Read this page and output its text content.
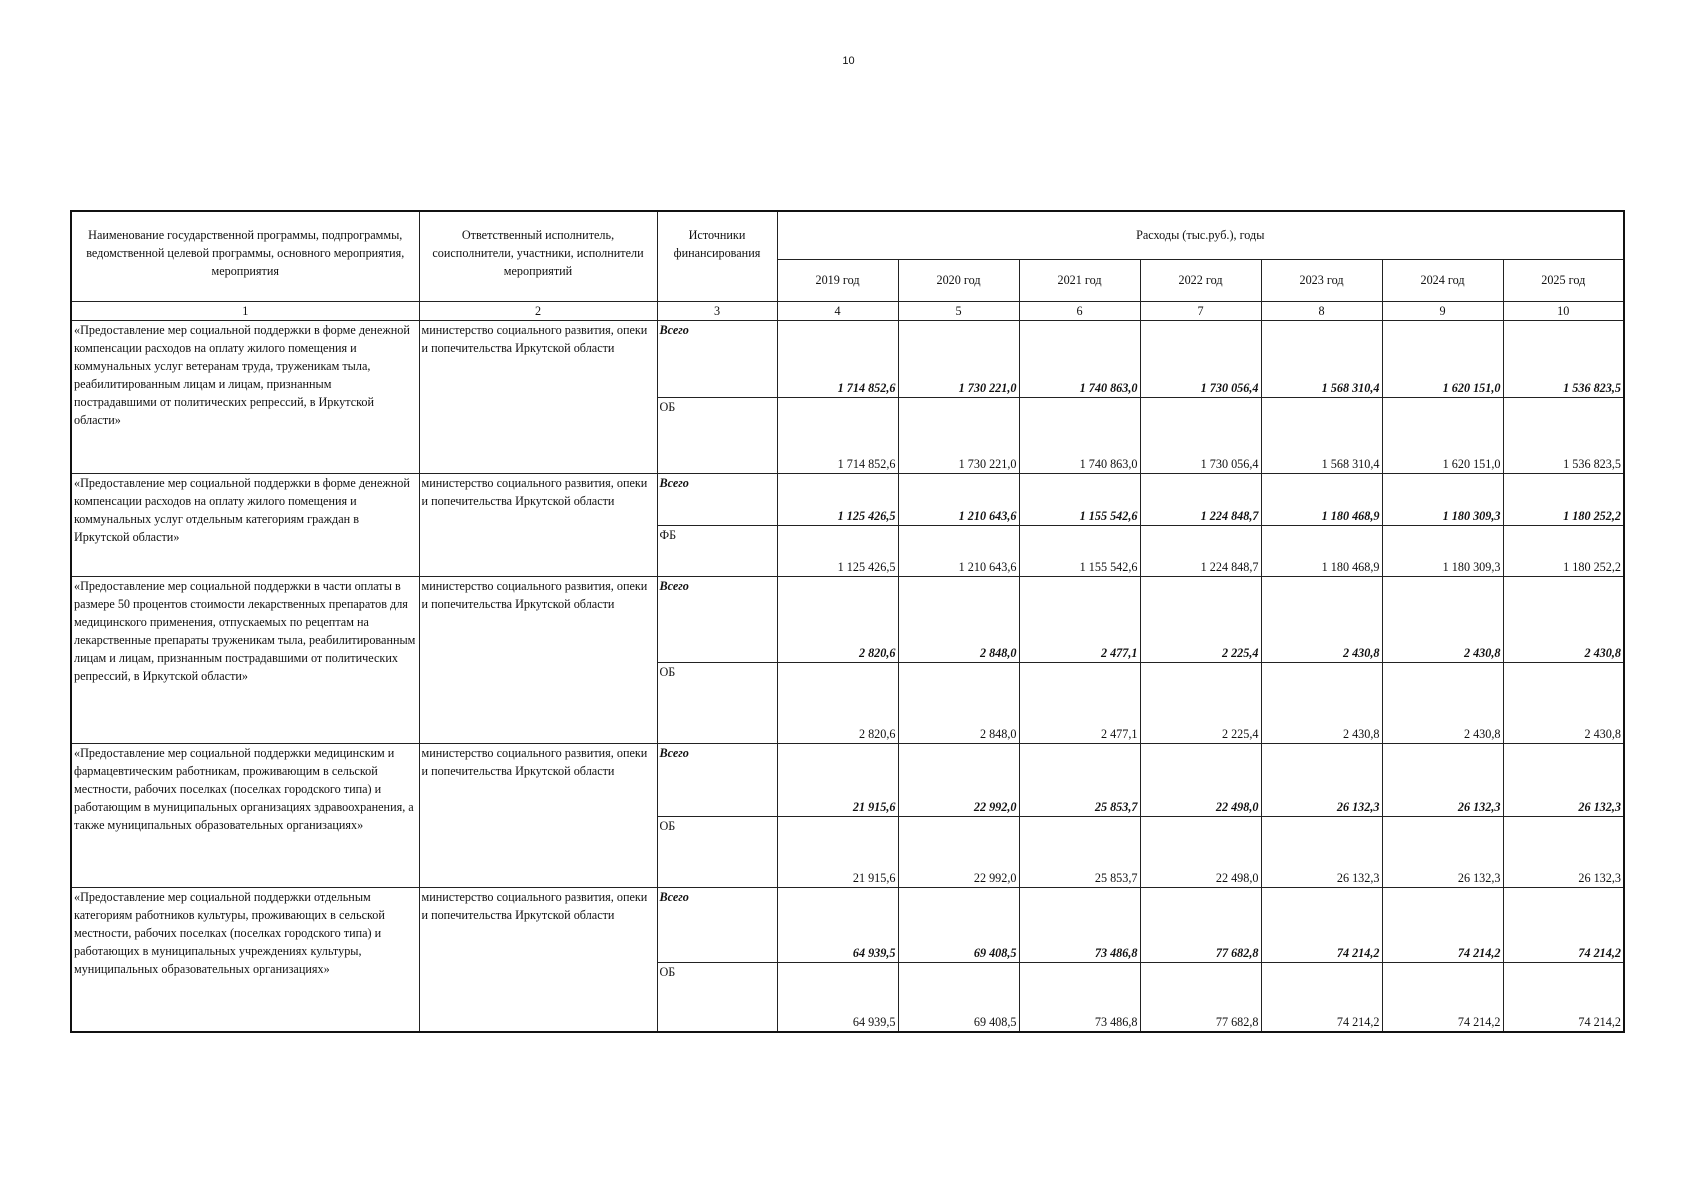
10
Наименование государственной программы, подпрограммы, ведомственной целевой программы, основного мероприятия, мероприятия	Ответственный исполнитель, соисполнители, участники, исполнители мероприятий	Источники финансирования	Расходы (тыс.руб.), годы						
			2019 год	2020 год	2021 год	2022 год	2023 год	2024 год	2025 год
1	2	3	4	5	6	7	8	9	10
«Предоставление мер социальной поддержки в форме денежной компенсации расходов на оплату жилого помещения и коммунальных услуг ветеранам труда, труженикам тыла, реабилитированным лицам и лицам, признанным пострадавшими от политических репрессий, в Иркутской области»	министерство социального развития, опеки и попечительства Иркутской области	Всего	1 714 852,6	1 730 221,0	1 740 863,0	1 730 056,4	1 568 310,4	1 620 151,0	1 536 823,5
		ОБ	1 714 852,6	1 730 221,0	1 740 863,0	1 730 056,4	1 568 310,4	1 620 151,0	1 536 823,5
«Предоставление мер социальной поддержки в форме денежной компенсации расходов на оплату жилого помещения и коммунальных услуг отдельным категориям граждан в Иркутской области»	министерство социального развития, опеки и попечительства Иркутской области	Всего	1 125 426,5	1 210 643,6	1 155 542,6	1 224 848,7	1 180 468,9	1 180 309,3	1 180 252,2
		ФБ	1 125 426,5	1 210 643,6	1 155 542,6	1 224 848,7	1 180 468,9	1 180 309,3	1 180 252,2
«Предоставление мер социальной поддержки в части оплаты в размере 50 процентов стоимости лекарственных препаратов для медицинского применения, отпускаемых по рецептам на лекарственные препараты труженикам тыла, реабилитированным лицам и лицам, признанным пострадавшими от политических репрессий, в Иркутской области»	министерство социального развития, опеки и попечительства Иркутской области	Всего	2 820,6	2 848,0	2 477,1	2 225,4	2 430,8	2 430,8	2 430,8
		ОБ	2 820,6	2 848,0	2 477,1	2 225,4	2 430,8	2 430,8	2 430,8
«Предоставление мер социальной поддержки медицинским и фармацевтическим работникам, проживающим в сельской местности, рабочих поселках (поселках городского типа) и работающим в муниципальных организациях здравоохранения, а также муниципальных образовательных организациях»	министерство социального развития, опеки и попечительства Иркутской области	Всего	21 915,6	22 992,0	25 853,7	22 498,0	26 132,3	26 132,3	26 132,3
		ОБ	21 915,6	22 992,0	25 853,7	22 498,0	26 132,3	26 132,3	26 132,3
«Предоставление мер социальной поддержки отдельным категориям работников культуры, проживающих в сельской местности, рабочих поселках (поселках городского типа) и работающих в муниципальных учреждениях культуры, муниципальных образовательных организациях»	министерство социального развития, опеки и попечительства Иркутской области	Всего	64 939,5	69 408,5	73 486,8	77 682,8	74 214,2	74 214,2	74 214,2
		ОБ	64 939,5	69 408,5	73 486,8	77 682,8	74 214,2	74 214,2	74 214,2
